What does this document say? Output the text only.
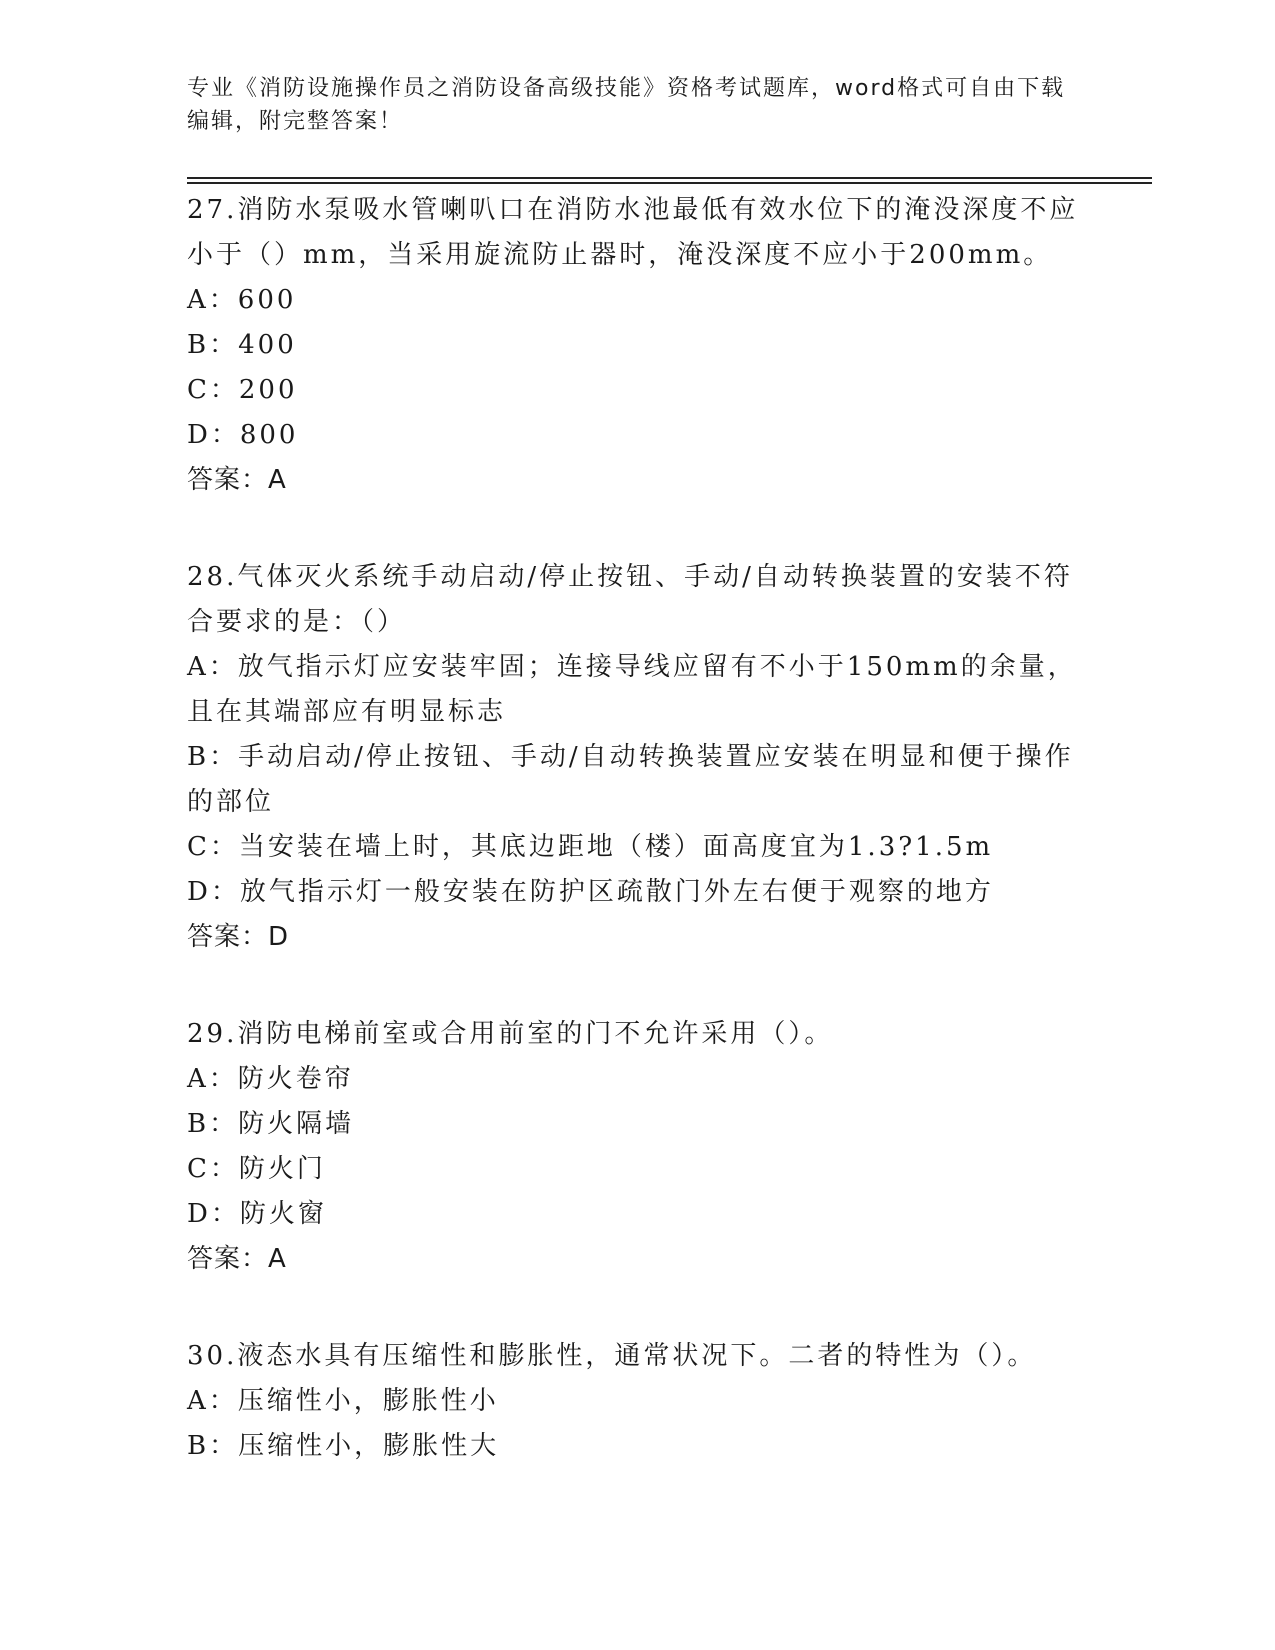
专业《消防设施操作员之消防设备高级技能》资格考试题库，word格式可自由下载编辑，附完整答案！
27.消防水泵吸水管喇叭口在消防水池最低有效水位下的淹没深度不应小于（）mm，当采用旋流防止器时，淹没深度不应小于200mm。
A：600
B：400
C：200
D：800
答案：A
28.气体灭火系统手动启动/停止按钮、手动/自动转换装置的安装不符合要求的是：（）
A：放气指示灯应安装牢固；连接导线应留有不小于150mm的余量，且在其端部应有明显标志
B：手动启动/停止按钮、手动/自动转换装置应安装在明显和便于操作的部位
C：当安装在墙上时，其底边距地（楼）面高度宜为1.3?1.5m
D：放气指示灯一般安装在防护区疏散门外左右便于观察的地方
答案：D
29.消防电梯前室或合用前室的门不允许采用（）。
A：防火卷帘
B：防火隔墙
C：防火门
D：防火窗
答案：A
30.液态水具有压缩性和膨胀性，通常状况下。二者的特性为（）。
A：压缩性小，膨胀性小
B：压缩性小，膨胀性大
